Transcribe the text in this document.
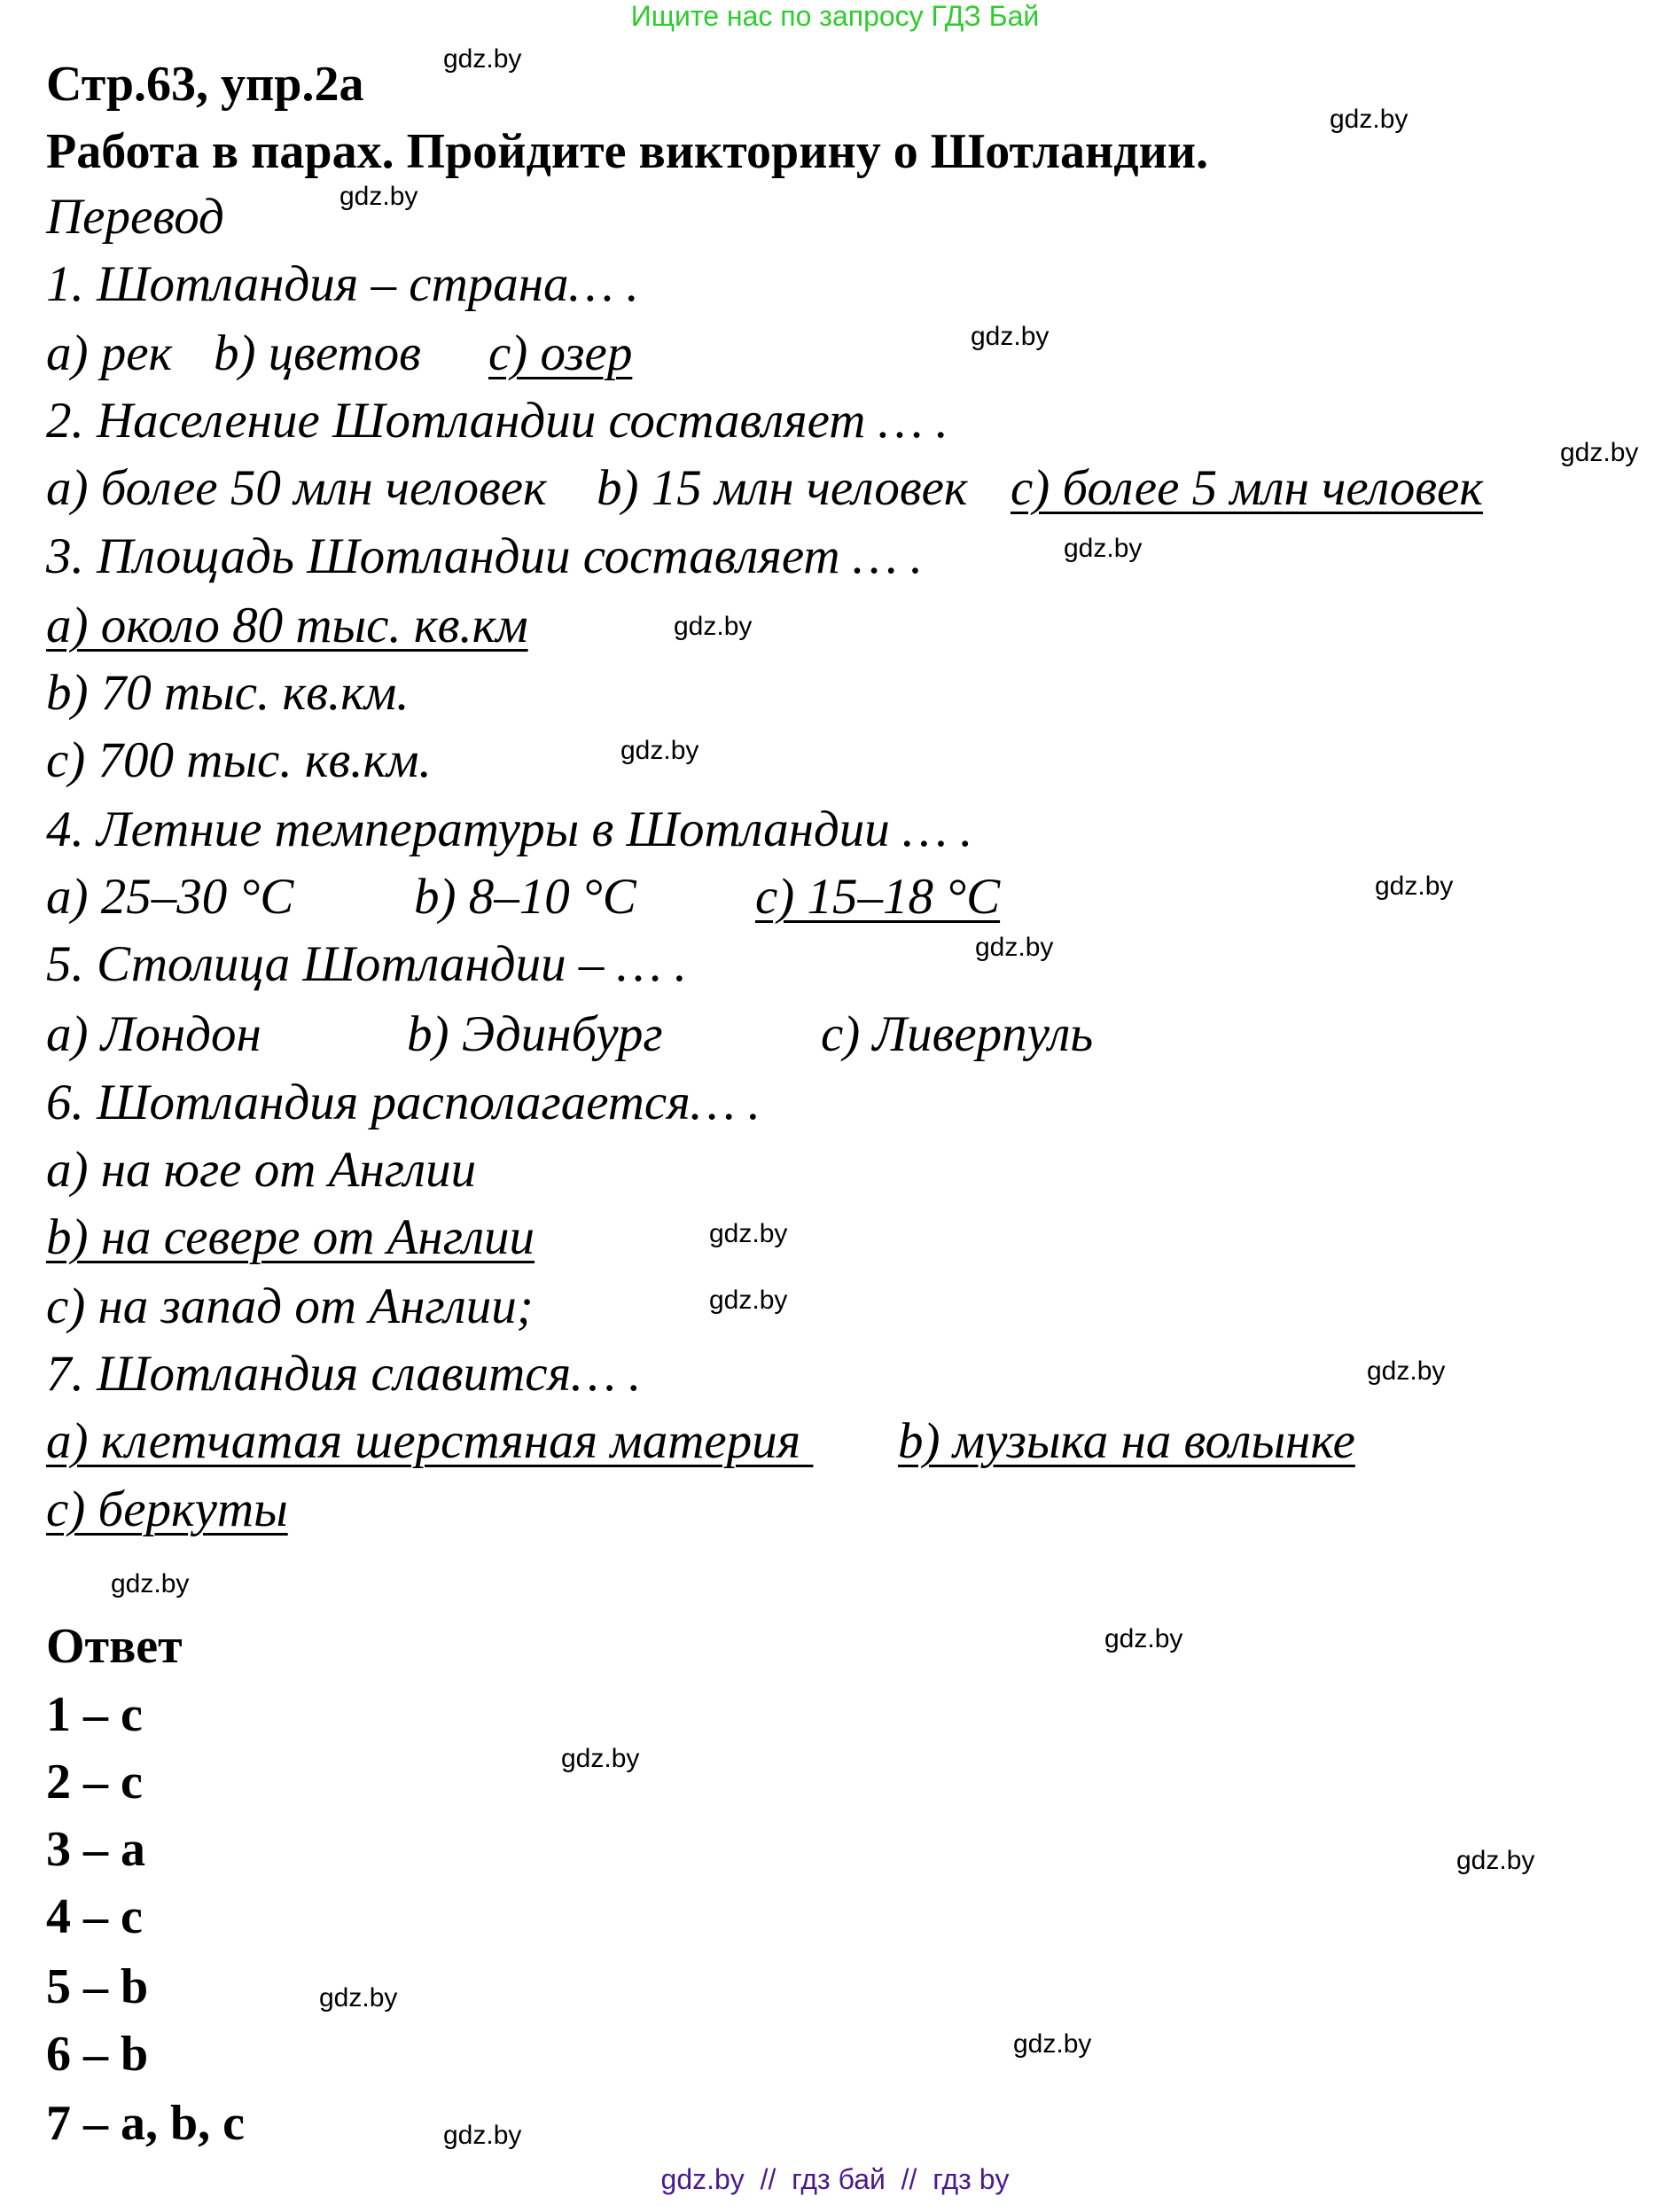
Ищите нас по запросу ГДЗ Бай
Стр.63, упр.2а
Работа в парах. Пройдите викторину о Шотландии.
Перевод
1. Шотландия – страна… .
a) рек b) цветов c) озер
2. Население Шотландии составляет … .
a) более 50 млн человек b) 15 млн человек c) более 5 млн человек
3. Площадь Шотландии составляет … .
a) около 80 тыс. кв.км
b) 70 тыс. кв.км.
c) 700 тыс. кв.км.
4. Летние температуры в Шотландии … .
a) 25–30 °C b) 8–10 °C c) 15–18 °C
5. Столица Шотландии – … .
a) Лондон	b) Эдинбург	c) Ливерпуль
6. Шотландия располагается… .
a) на юге от Англии
b) на севере от Англии
c) на запад от Англии;
7. Шотландия славится… .
a) клетчатая шерстяная материя b) музыка на волынке
c) беркуты
Ответ
1 – c
2 – c
3 – a
4 – c
5 – b
6 – b
7 – a, b, c
gdz.by
gdz.by
gdz.by
gdz.by
gdz.by
gdz.by
gdz.by
gdz.by
gdz.by
gdz.by
gdz.by
gdz.by
gdz.by
gdz.by
gdz.by
gdz.by
gdz.by
gdz.by
gdz.by
gdz.by
gdz.by  //  гдз бай  //  гдз by
